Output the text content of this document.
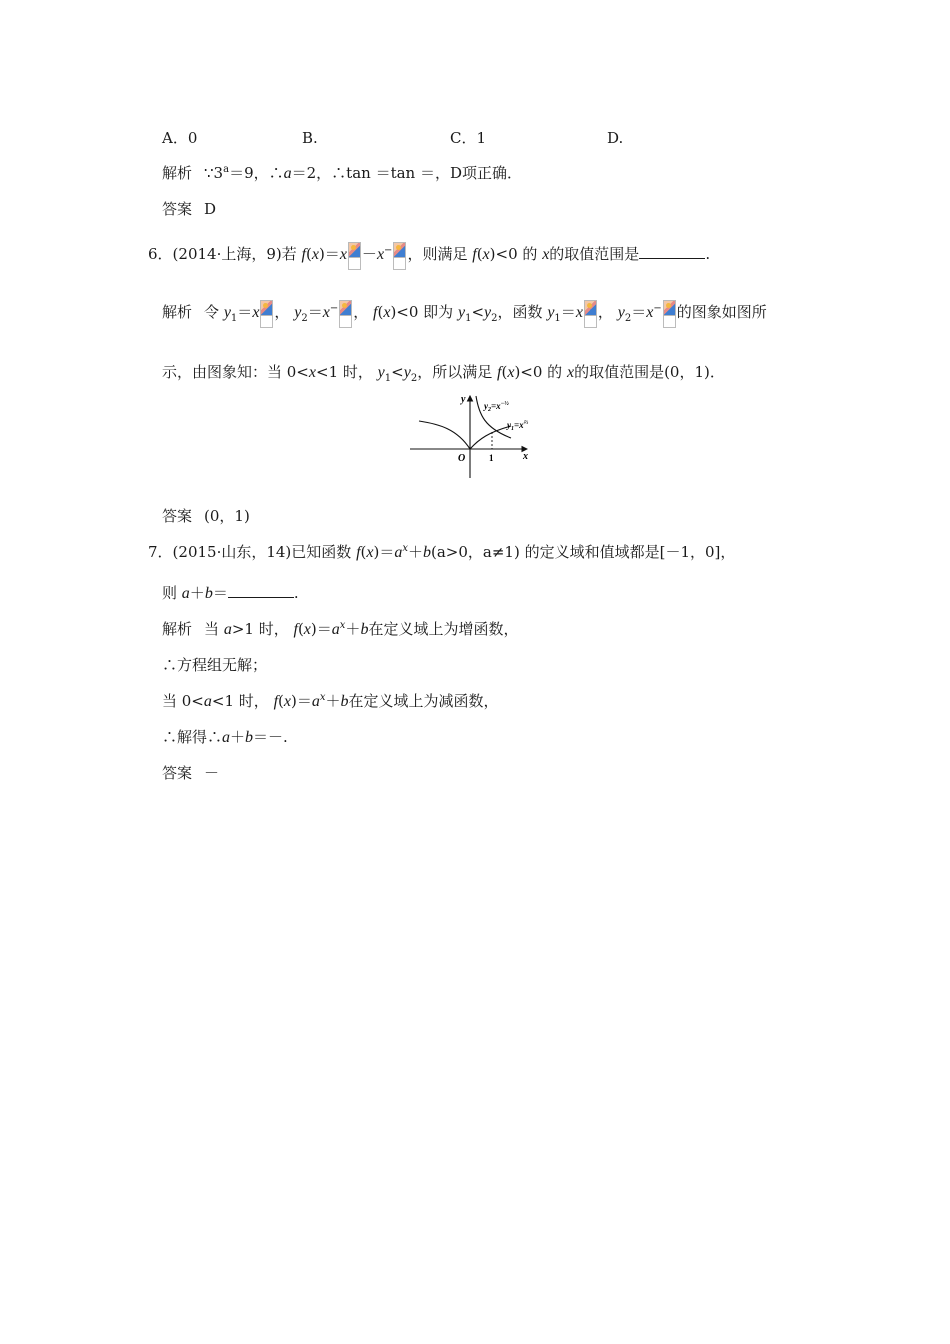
A．0	B.	C．1	D.
解析 $\because 3^a=9$，∴a＝2，∴tan ＝tan ＝，D项正确．
答案 D
6．(2014·上海，9)若 f(x)＝x －x− ，则满足 f(x)<0 的 x的取值范围是	.
解析 令 $y_1=x$ ， $y_2=x^-$ ， f(x)<0 即为 $y_1<y_2$，函数 $y_1=x$ ， $y_2=x^-$ 的图象如图所
示，由图象知：当 0<x<1 时， $y_1<y_2$，所以满足 f(x)<0 的 x的取值范围是(0，1)．
y
x
O	1
$y_2=x^{-\frac{1}{2}}$
$y_1=x^{\frac{2}{3}}$
答案 (0，1)
7．(2015·山东，14)已知函数 $f(x)=a^x+b(a>0$，a≠1) 的定义域和值域都是[－1，0]，
则 a＋b＝	.
解析 当 a>1 时， $f(x)=a^x+b$在定义域上为增函数，
∴方程组无解；
当 0<a<1 时， $f(x)=a^x+b$在定义域上为减函数，
∴解得∴a＋b＝－.
答案 －
